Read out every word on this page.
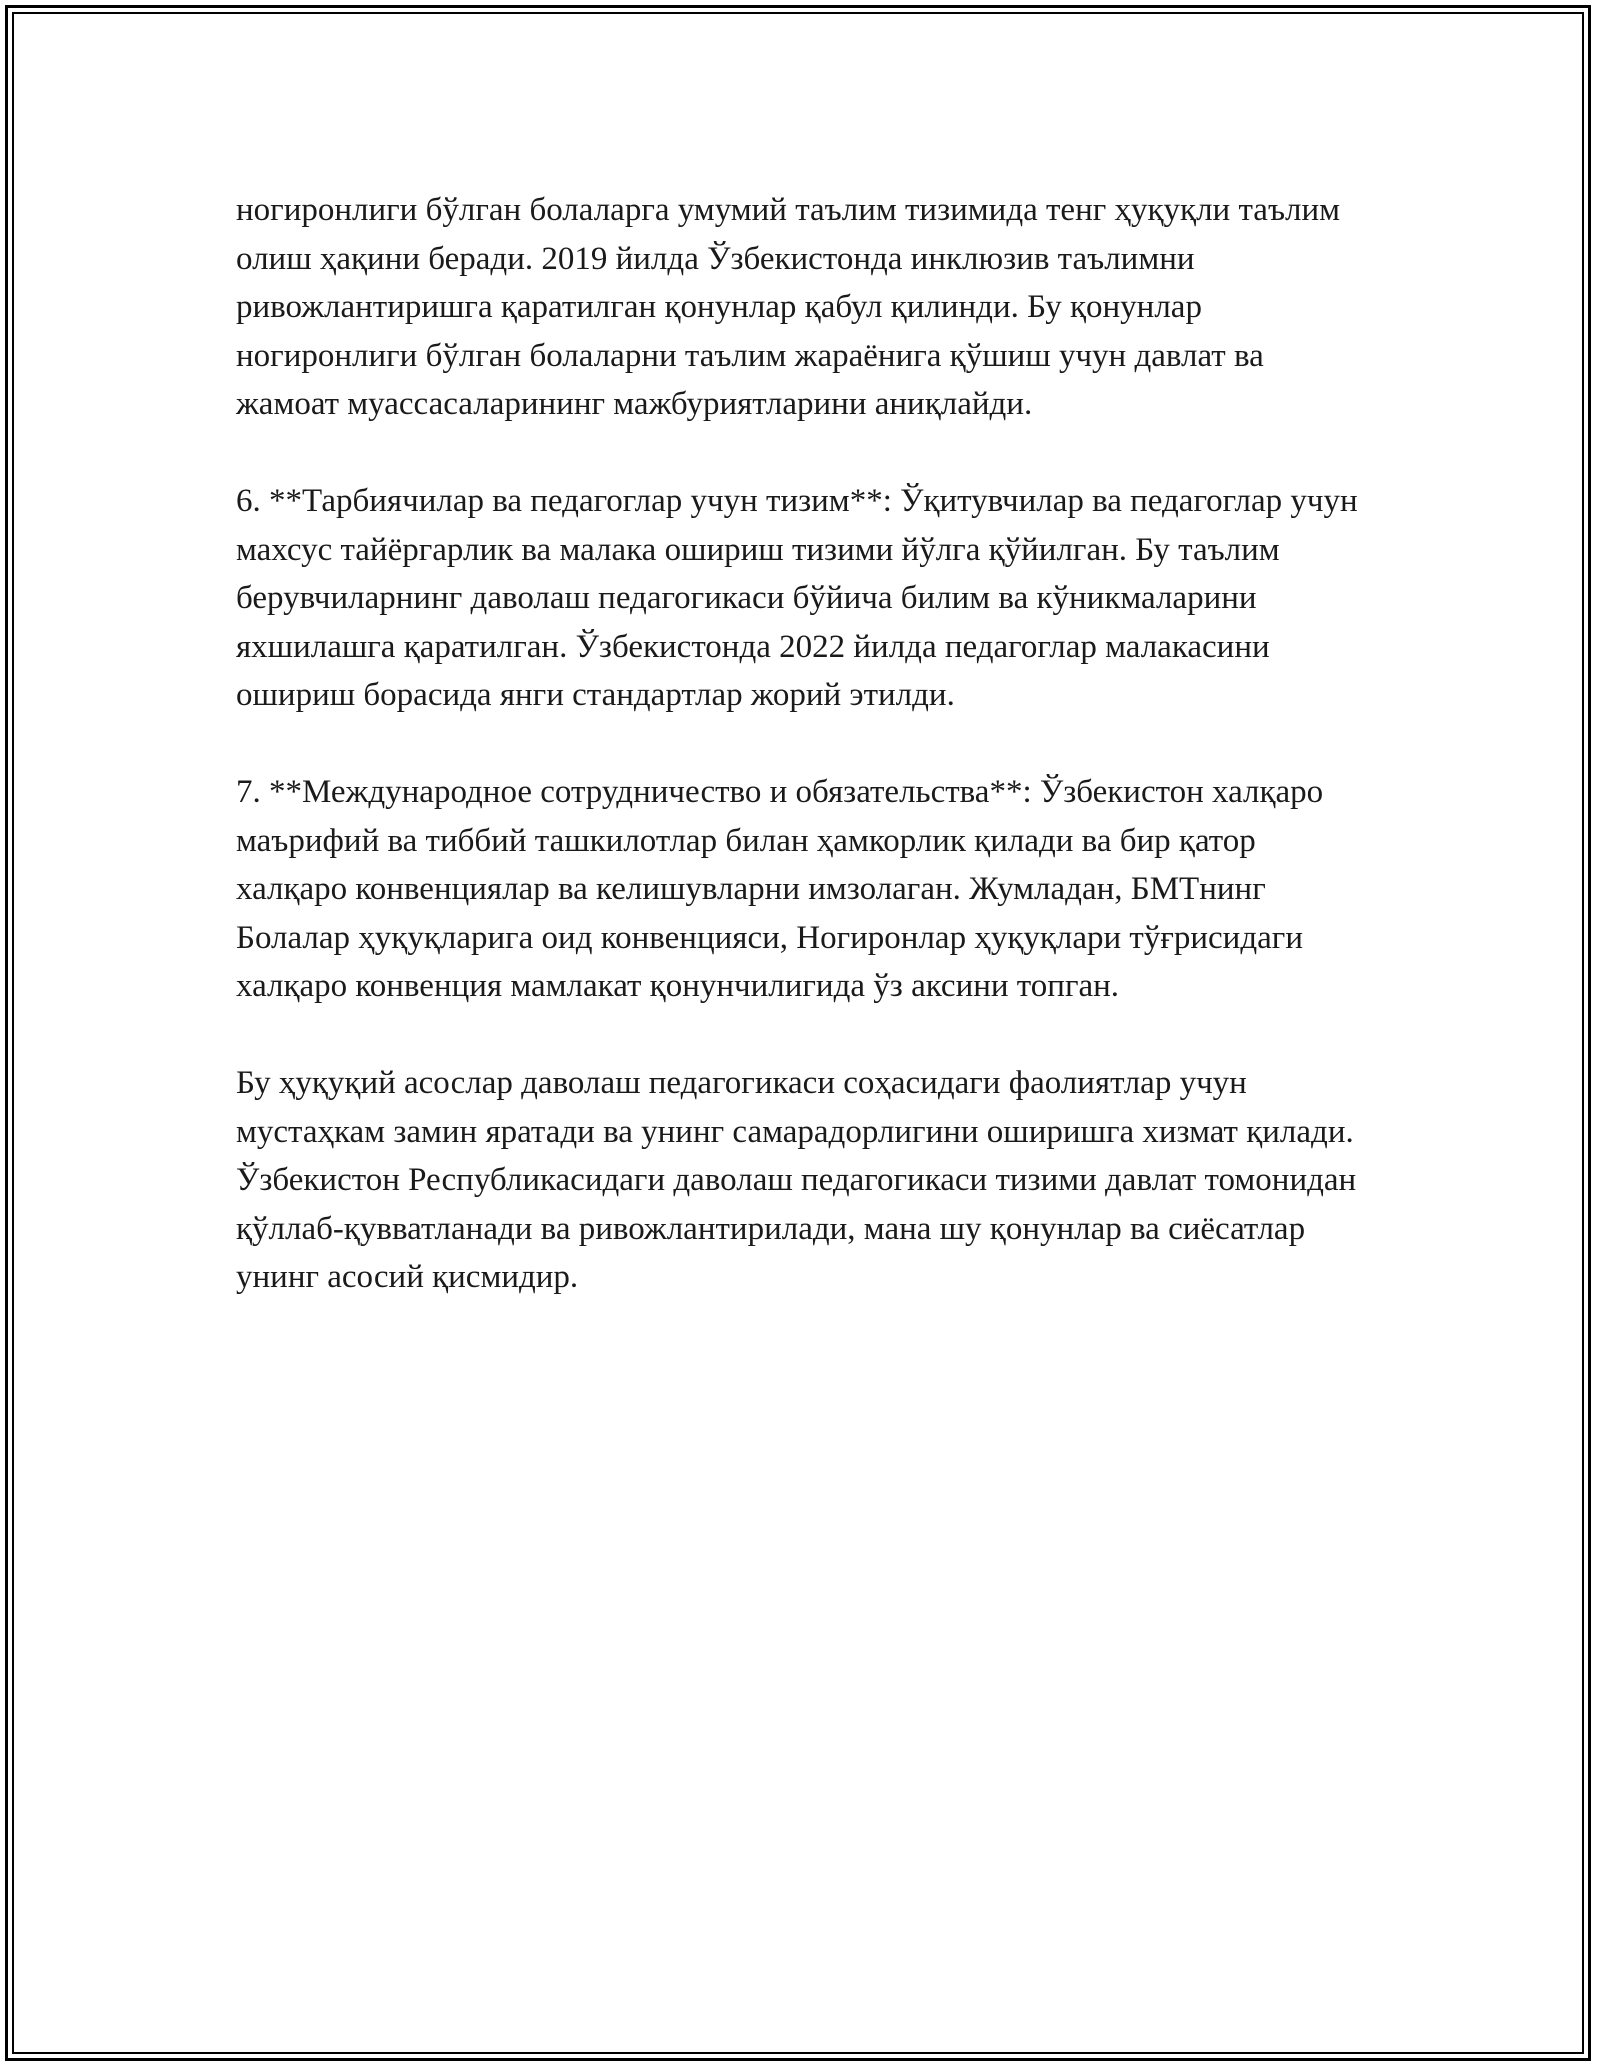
ногиронлиги бўлган болаларга умумий таълим тизимида тенг ҳуқуқли таълим олиш ҳақини беради. 2019 йилда Ўзбекистонда инклюзив таълимни ривожлантиришга қаратилган қонунлар қабул қилинди. Бу қонунлар ногиронлиги бўлган болаларни таълим жараёнига қўшиш учун давлат ва жамоат муассасаларининг мажбуриятларини аниқлайди.

6. **Тарбиячилар ва педагоглар учун тизим**: Ўқитувчилар ва педагоглар учун махсус тайёргарлик ва малака ошириш тизими йўлга қўйилган. Бу таълим берувчиларнинг даволаш педагогикаси бўйича билим ва кўникмаларини яхшилашга қаратилган. Ўзбекистонда 2022 йилда педагоглар малакасини ошириш борасида янги стандартлар жорий этилди.

7. **Международное сотрудничество и обязательства**: Ўзбекистон халқаро маърифий ва тиббий ташкилотлар билан ҳамкорлик қилади ва бир қатор халқаро конвенциялар ва келишувларни имзолаган. Жумладан, БМТнинг Болалар ҳуқуқларига оид конвенцияси, Ногиронлар ҳуқуқлари тўғрисидаги халқаро конвенция мамлакат қонунчилигида ўз аксини топган.

Бу ҳуқуқий асослар даволаш педагогикаси соҳасидаги фаолиятлар учун мустаҳкам замин яратади ва унинг самарадорлигини оширишга хизмат қилади. Ўзбекистон Республикасидаги даволаш педагогикаси тизими давлат томонидан қўллаб-қувватланади ва ривожлантирилади, мана шу қонунлар ва сиёсатлар унинг асосий қисмидир.
